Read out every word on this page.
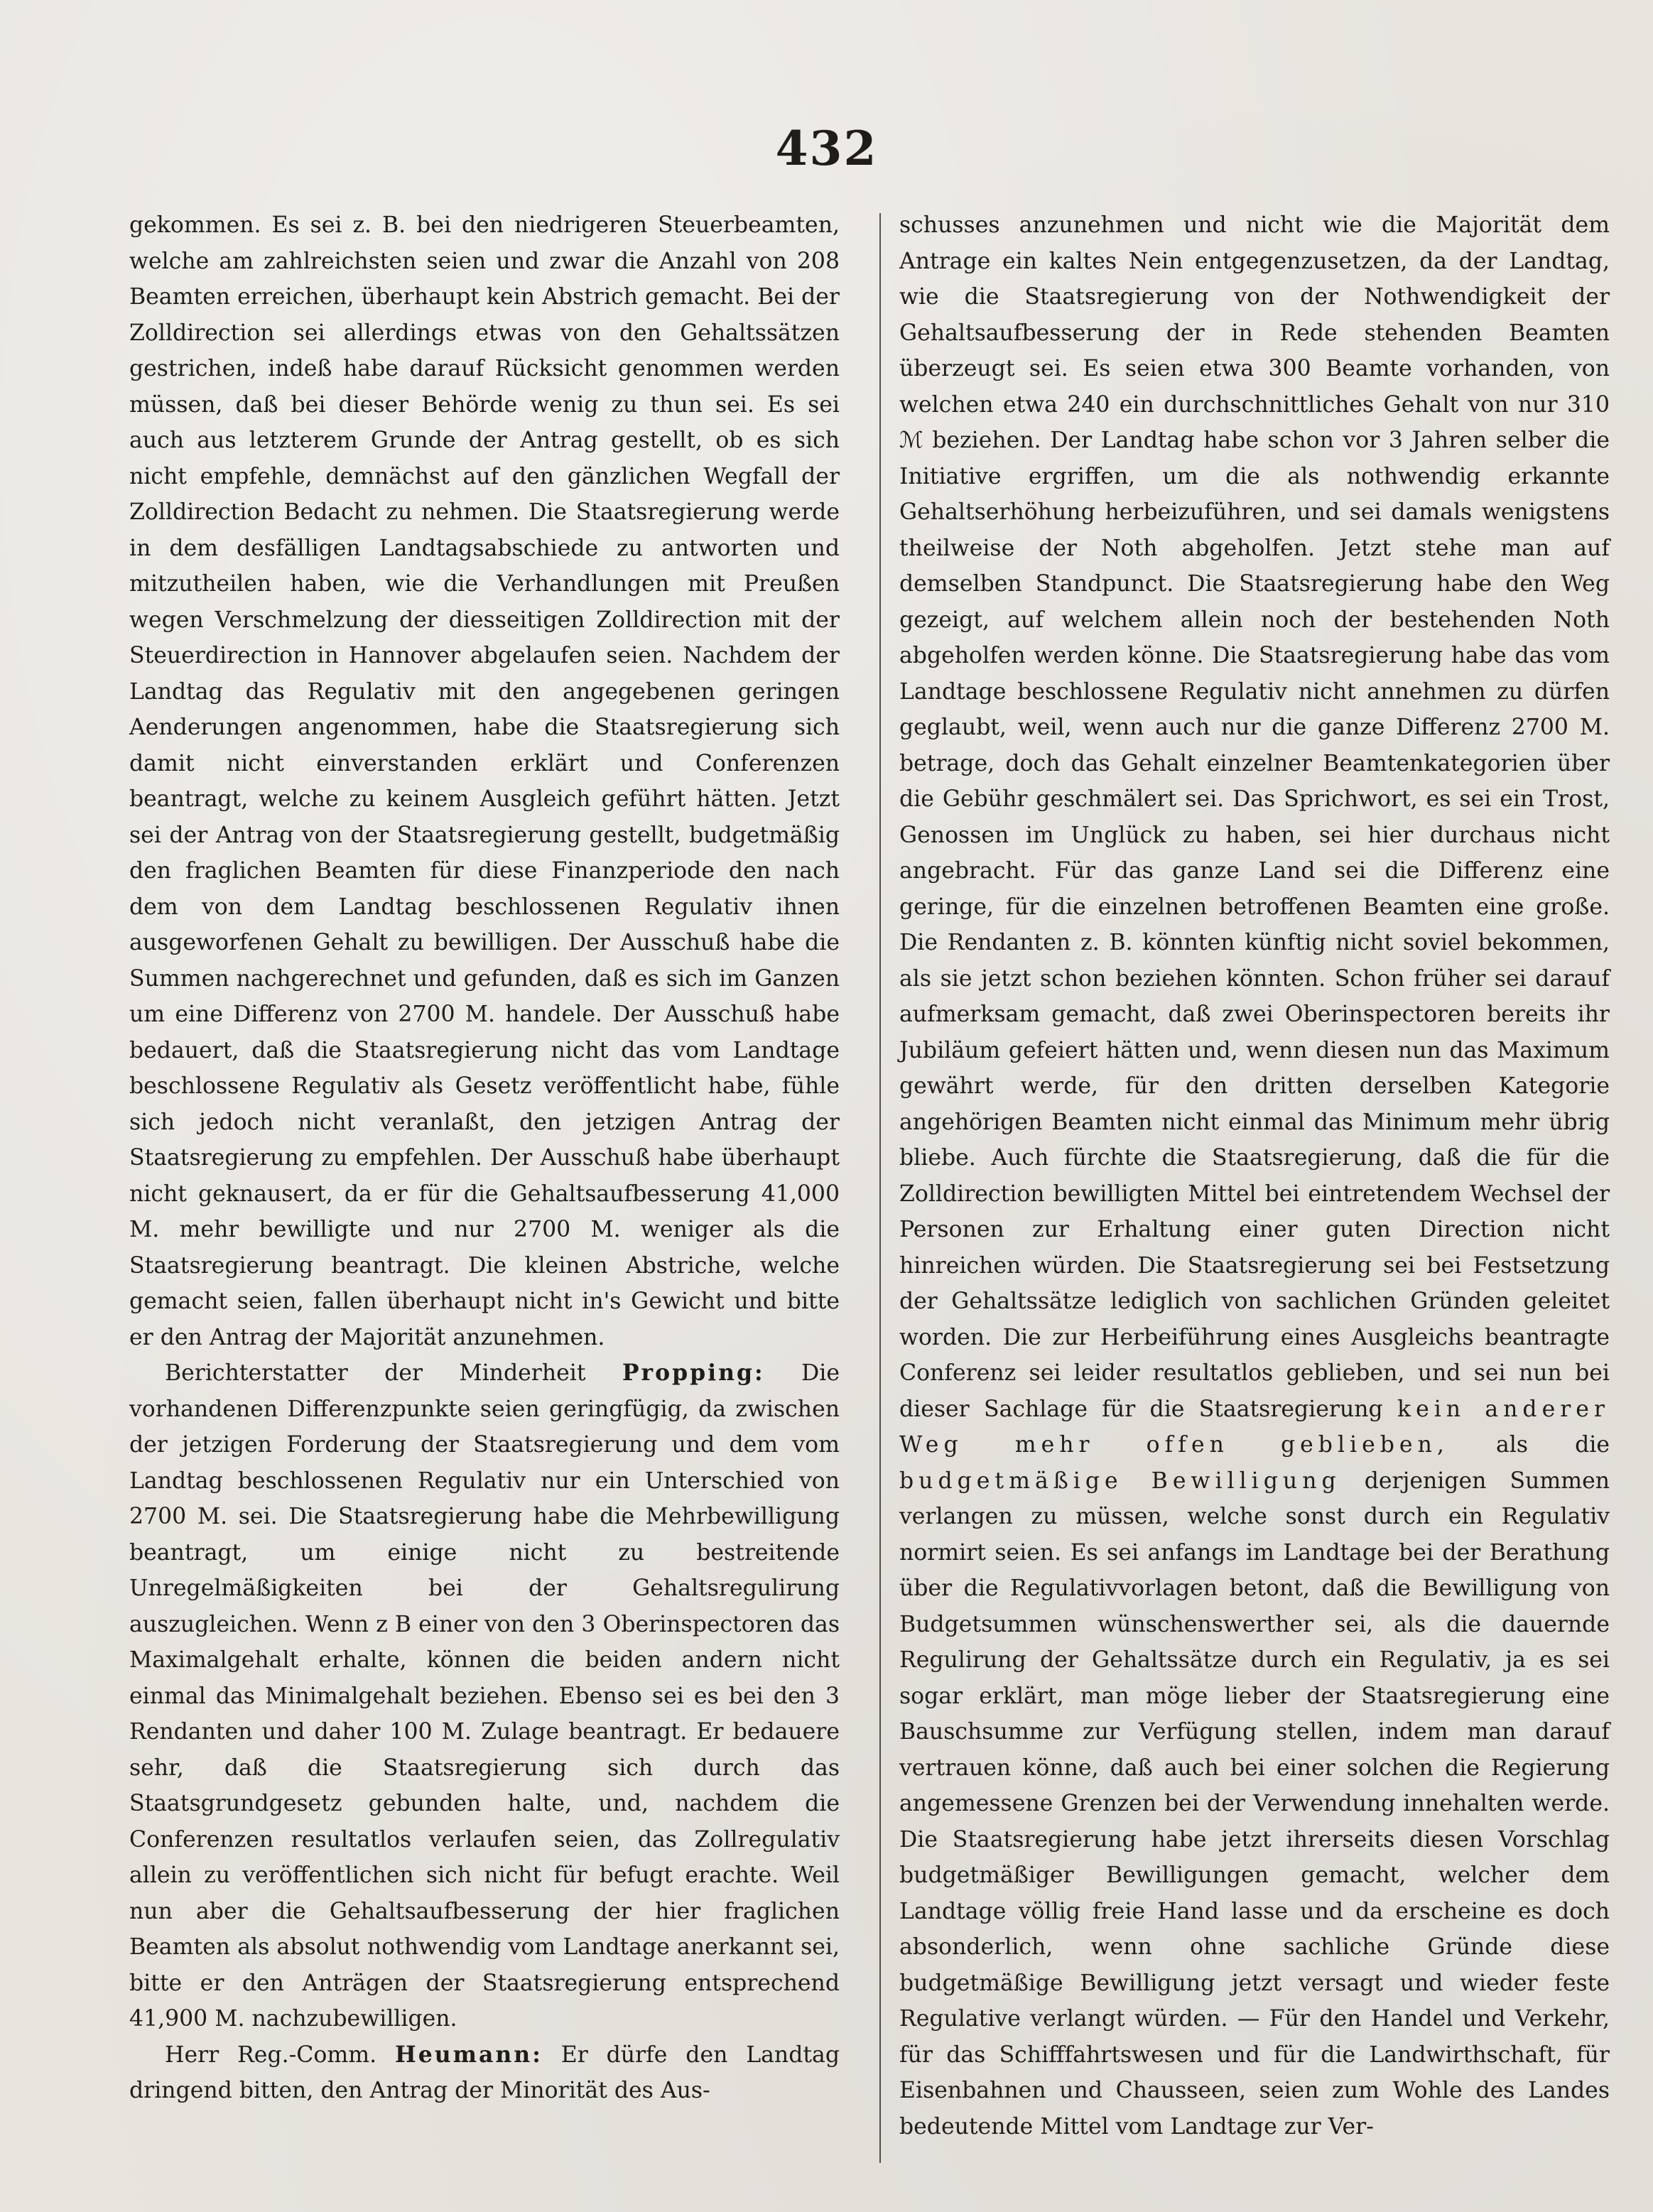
432

gekommen. Es sei z. B. bei den niedrigeren Steuerbeamten, welche am zahlreichsten seien und zwar die Anzahl von 208 Beamten erreichen, überhaupt kein Abstrich gemacht. Bei der Zolldirection sei allerdings etwas von den Gehaltssätzen gestrichen, indeß habe darauf Rücksicht genommen werden müssen, daß bei dieser Behörde wenig zu thun sei. Es sei auch aus letzterem Grunde der Antrag gestellt, ob es sich nicht empfehle, demnächst auf den gänzlichen Wegfall der Zolldirection Bedacht zu nehmen. Die Staatsregierung werde in dem desfälligen Landtagsabschiede zu antworten und mitzutheilen haben, wie die Verhandlungen mit Preußen wegen Verschmelzung der diesseitigen Zolldirection mit der Steuerdirection in Hannover abgelaufen seien. Nachdem der Landtag das Regulativ mit den angegebenen geringen Aenderungen angenommen, habe die Staatsregierung sich damit nicht einverstanden erklärt und Conferenzen beantragt, welche zu keinem Ausgleich geführt hätten. Jetzt sei der Antrag von der Staatsregierung gestellt, budgetmäßig den fraglichen Beamten für diese Finanzperiode den nach dem von dem Landtag beschlossenen Regulativ ihnen ausgeworfenen Gehalt zu bewilligen. Der Ausschuß habe die Summen nachgerechnet und gefunden, daß es sich im Ganzen um eine Differenz von 2700 M. handele. Der Ausschuß habe bedauert, daß die Staatsregierung nicht das vom Landtage beschlossene Regulativ als Gesetz veröffentlicht habe, fühle sich jedoch nicht veranlaßt, den jetzigen Antrag der Staatsregierung zu empfehlen. Der Ausschuß habe überhaupt nicht geknausert, da er für die Gehaltsaufbesserung 41,000 M. mehr bewilligte und nur 2700 M. weniger als die Staatsregierung beantragt. Die kleinen Abstriche, welche gemacht seien, fallen überhaupt nicht in's Gewicht und bitte er den Antrag der Majorität anzunehmen.

Berichterstatter der Minderheit Propping: Die vorhandenen Differenzpunkte seien geringfügig, da zwischen der jetzigen Forderung der Staatsregierung und dem vom Landtag beschlossenen Regulativ nur ein Unterschied von 2700 M. sei. Die Staatsregierung habe die Mehrbewilligung beantragt, um einige nicht zu bestreitende Unregelmäßigkeiten bei der Gehaltsregulirung auszugleichen. Wenn z B einer von den 3 Oberinspectoren das Maximalgehalt erhalte, können die beiden andern nicht einmal das Minimalgehalt beziehen. Ebenso sei es bei den 3 Rendanten und daher 100 M. Zulage beantragt. Er bedauere sehr, daß die Staatsregierung sich durch das Staatsgrundgesetz gebunden halte, und, nachdem die Conferenzen resultatlos verlaufen seien, das Zollregulativ allein zu veröffentlichen sich nicht für befugt erachte. Weil nun aber die Gehaltsaufbesserung der hier fraglichen Beamten als absolut nothwendig vom Landtage anerkannt sei, bitte er den Anträgen der Staatsregierung entsprechend 41,900 M. nachzubewilligen.

Herr Reg.-Comm. Heumann: Er dürfe den Landtag dringend bitten, den Antrag der Minorität des Aus-

schusses anzunehmen und nicht wie die Majorität dem Antrage ein kaltes Nein entgegenzusetzen, da der Landtag, wie die Staatsregierung von der Nothwendigkeit der Gehaltsaufbesserung der in Rede stehenden Beamten überzeugt sei. Es seien etwa 300 Beamte vorhanden, von welchen etwa 240 ein durchschnittliches Gehalt von nur 310 ℳ beziehen. Der Landtag habe schon vor 3 Jahren selber die Initiative ergriffen, um die als nothwendig erkannte Gehaltserhöhung herbeizuführen, und sei damals wenigstens theilweise der Noth abgeholfen. Jetzt stehe man auf demselben Standpunct. Die Staatsregierung habe den Weg gezeigt, auf welchem allein noch der bestehenden Noth abgeholfen werden könne. Die Staatsregierung habe das vom Landtage beschlossene Regulativ nicht annehmen zu dürfen geglaubt, weil, wenn auch nur die ganze Differenz 2700 M. betrage, doch das Gehalt einzelner Beamtenkategorien über die Gebühr geschmälert sei. Das Sprichwort, es sei ein Trost, Genossen im Unglück zu haben, sei hier durchaus nicht angebracht. Für das ganze Land sei die Differenz eine geringe, für die einzelnen betroffenen Beamten eine große. Die Rendanten z. B. könnten künftig nicht soviel bekommen, als sie jetzt schon beziehen könnten. Schon früher sei darauf aufmerksam gemacht, daß zwei Oberinspectoren bereits ihr Jubiläum gefeiert hätten und, wenn diesen nun das Maximum gewährt werde, für den dritten derselben Kategorie angehörigen Beamten nicht einmal das Minimum mehr übrig bliebe. Auch fürchte die Staatsregierung, daß die für die Zolldirection bewilligten Mittel bei eintretendem Wechsel der Personen zur Erhaltung einer guten Direction nicht hinreichen würden. Die Staatsregierung sei bei Festsetzung der Gehaltssätze lediglich von sachlichen Gründen geleitet worden. Die zur Herbeiführung eines Ausgleichs beantragte Conferenz sei leider resultatlos geblieben, und sei nun bei dieser Sachlage für die Staatsregierung kein anderer Weg mehr offen geblieben, als die budgetmäßige Bewilligung derjenigen Summen verlangen zu müssen, welche sonst durch ein Regulativ normirt seien. Es sei anfangs im Landtage bei der Berathung über die Regulativvorlagen betont, daß die Bewilligung von Budgetsummen wünschenswerther sei, als die dauernde Regulirung der Gehaltssätze durch ein Regulativ, ja es sei sogar erklärt, man möge lieber der Staatsregierung eine Bauschsumme zur Verfügung stellen, indem man darauf vertrauen könne, daß auch bei einer solchen die Regierung angemessene Grenzen bei der Verwendung innehalten werde. Die Staatsregierung habe jetzt ihrerseits diesen Vorschlag budgetmäßiger Bewilligungen gemacht, welcher dem Landtage völlig freie Hand lasse und da erscheine es doch absonderlich, wenn ohne sachliche Gründe diese budgetmäßige Bewilligung jetzt versagt und wieder feste Regulative verlangt würden. — Für den Handel und Verkehr, für das Schifffahrtswesen und für die Landwirthschaft, für Eisenbahnen und Chausseen, seien zum Wohle des Landes bedeutende Mittel vom Landtage zur Ver-
